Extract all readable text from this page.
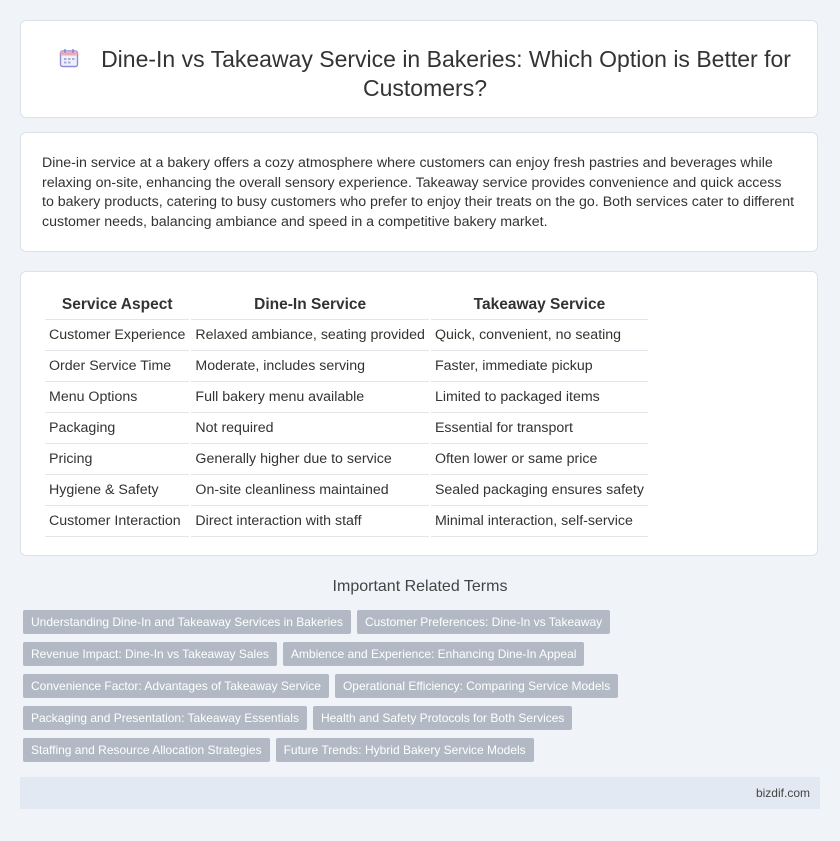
Dine-In vs Takeaway Service in Bakeries: Which Option is Better for Customers?

Dine-in service at a bakery offers a cozy atmosphere where customers can enjoy fresh pastries and beverages while relaxing on-site, enhancing the overall sensory experience. Takeaway service provides convenience and quick access to bakery products, catering to busy customers who prefer to enjoy their treats on the go. Both services cater to different customer needs, balancing ambiance and speed in a competitive bakery market.

Service Aspect	Dine-In Service	Takeaway Service
Customer Experience	Relaxed ambiance, seating provided	Quick, convenient, no seating
Order Service Time	Moderate, includes serving	Faster, immediate pickup
Menu Options	Full bakery menu available	Limited to packaged items
Packaging	Not required	Essential for transport
Pricing	Generally higher due to service	Often lower or same price
Hygiene & Safety	On-site cleanliness maintained	Sealed packaging ensures safety
Customer Interaction	Direct interaction with staff	Minimal interaction, self-service
Important Related Terms
Understanding Dine-In and Takeaway Services in Bakeries	Customer Preferences: Dine-In vs Takeaway
Revenue Impact: Dine-In vs Takeaway Sales	Ambience and Experience: Enhancing Dine-In Appeal
Convenience Factor: Advantages of Takeaway Service	Operational Efficiency: Comparing Service Models
Packaging and Presentation: Takeaway Essentials	Health and Safety Protocols for Both Services
Staffing and Resource Allocation Strategies	Future Trends: Hybrid Bakery Service Models
bizdif.com
